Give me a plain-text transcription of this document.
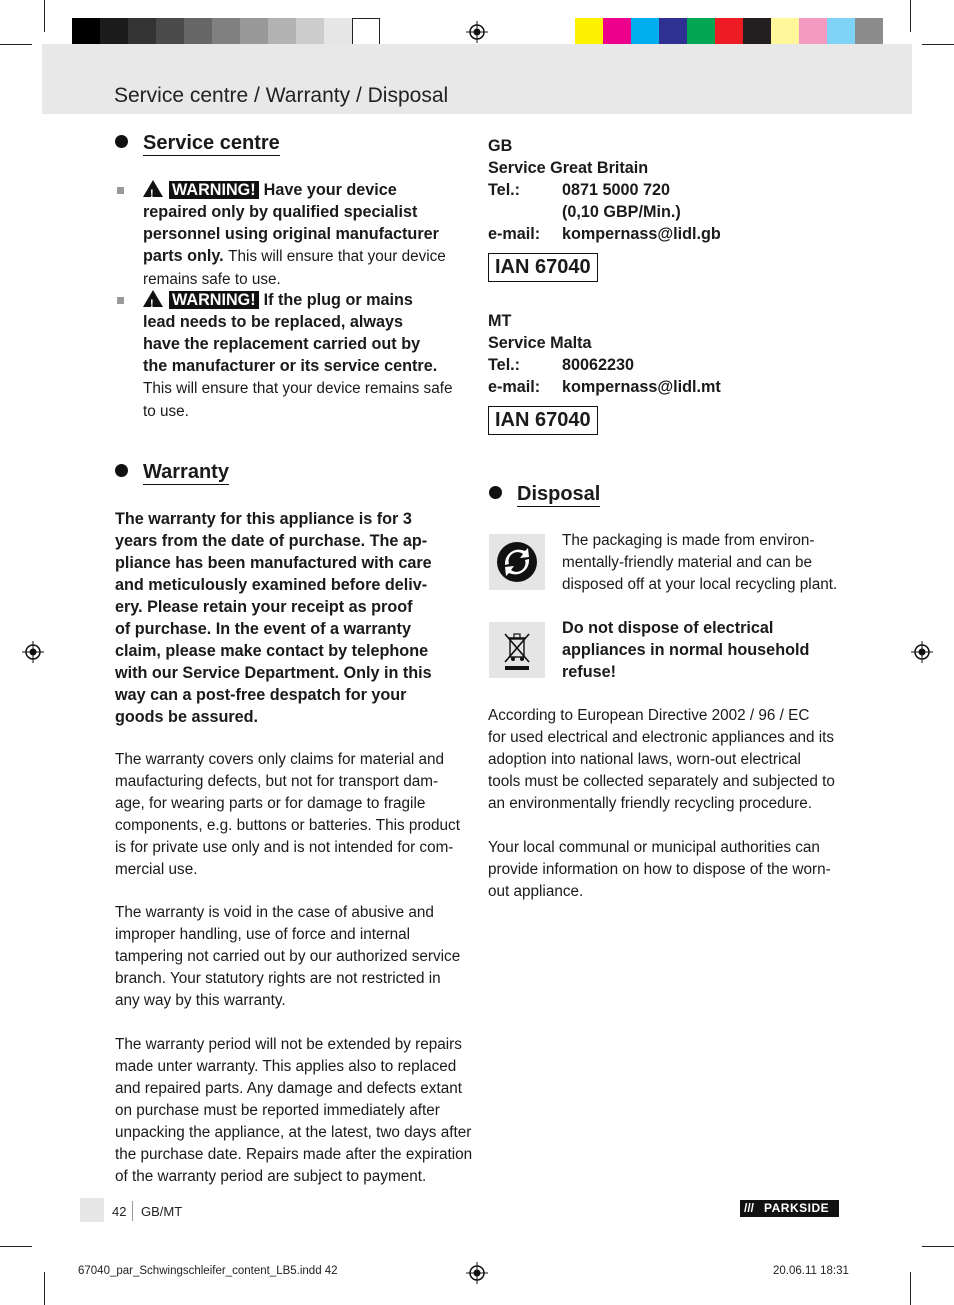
Service centre / Warranty / Disposal
Service centre
!WARNING! Have your device
repaired only by qualified specialist
personnel using original manufacturer
parts only. This will ensure that your device
remains safe to use.
!WARNING! If the plug or mains
lead needs to be replaced, always
have the replacement carried out by
the manufacturer or its service centre.
This will ensure that your device remains safe
to use.
Warranty
The warranty for this appliance is for 3
years from the date of purchase. The ap-
pliance has been manufactured with care
and meticulously examined before deliv-
ery. Please retain your receipt as proof
of purchase. In the event of a warranty
claim, please make contact by telephone
with our Service Department. Only in this
way can a post-free despatch for your
goods be assured.
The warranty covers only claims for material and
maufacturing defects, but not for transport dam-
age, for wearing parts or for damage to fragile
components, e.g. buttons or batteries. This product
is for private use only and is not intended for com-
mercial use.
The warranty is void in the case of abusive and
improper handling, use of force and internal
tampering not carried out by our authorized service
branch. Your statutory rights are not restricted in
any way by this warranty.
The warranty period will not be extended by repairs
made unter warranty. This applies also to replaced
and repaired parts. Any damage and defects extant
on purchase must be reported immediately after
unpacking the appliance, at the latest, two days after
the purchase date. Repairs made after the expiration
of the warranty period are subject to payment.
GB
Service Great Britain
Tel.:	0871 5000 720
(0,10 GBP/Min.)
e-mail: kompernass@lidl.gb
IAN 67040
MT
Service Malta
Tel.:	80062230
e-mail: kompernass@lidl.mt
IAN 67040
Disposal
The packaging is made from environ-
mentally-friendly material and can be
disposed off at your local recycling plant.
Do not dispose of electrical
appliances in normal household
refuse!
According to European Directive 2002 / 96 / EC
for used electrical and electronic appliances and its
adoption into national laws, worn-out electrical
tools must be collected separately and subjected to
an environmentally friendly recycling procedure.
Your local communal or municipal authorities can
provide information on how to dispose of the worn-
out appliance.
42 GB/MT	/// PARKSIDE
67040_par_Schwingschleifer_content_LB5.indd 42	20.06.11 18:31
